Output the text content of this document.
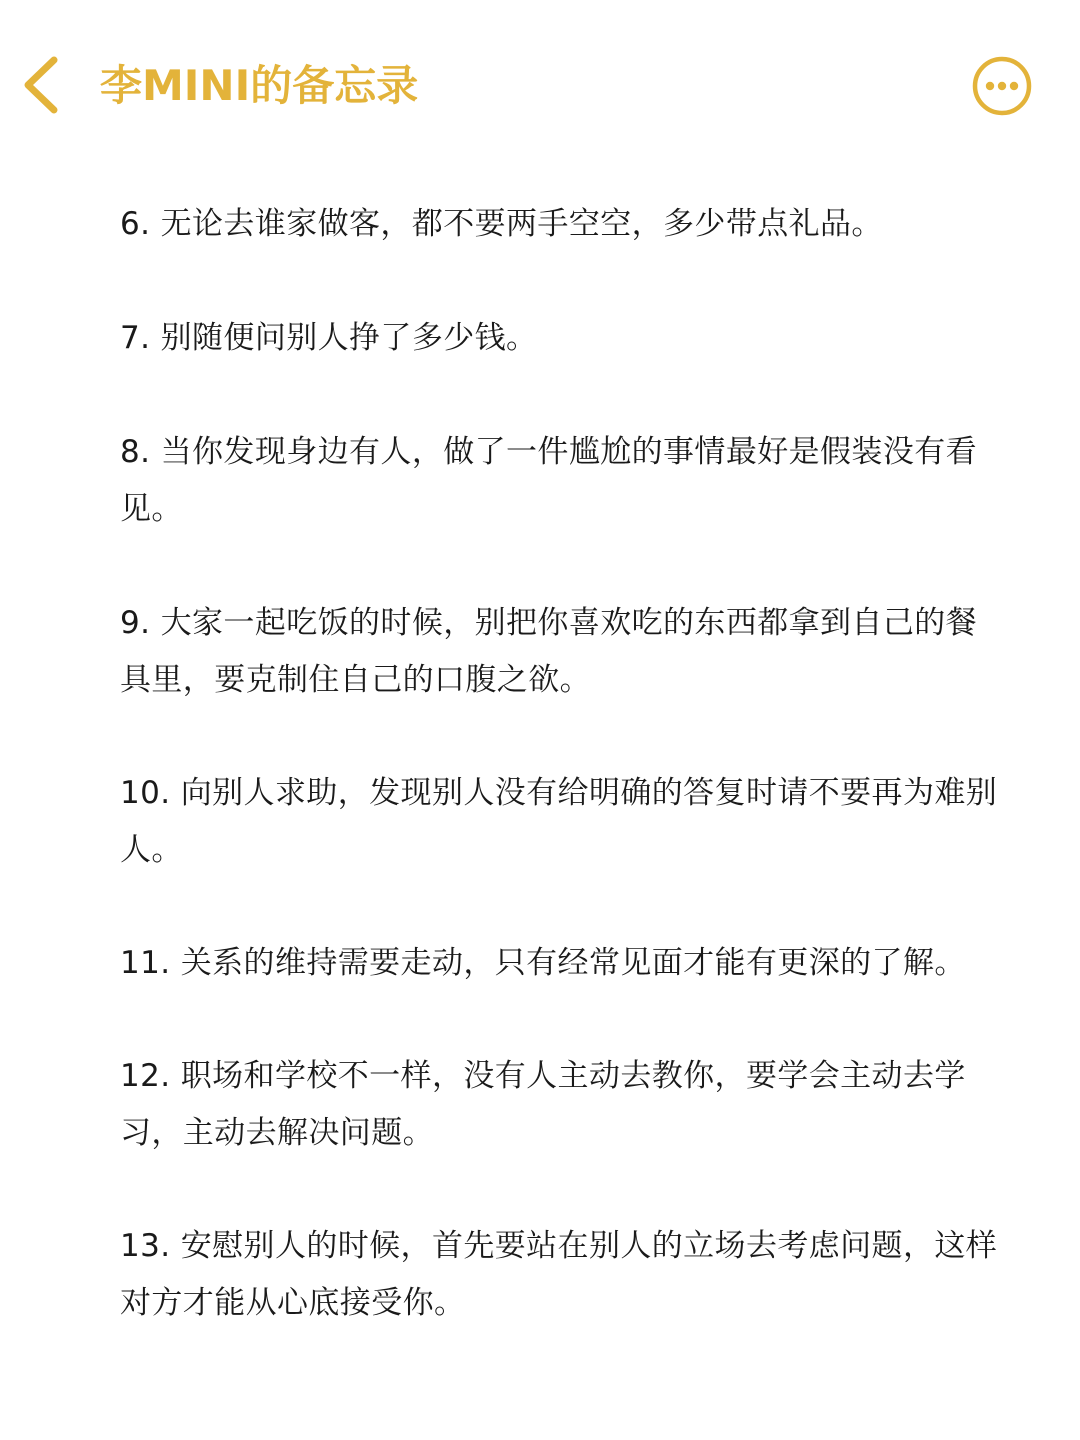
李MINI的备忘录
6. 无论去谁家做客，都不要两手空空，多少带点礼品。
7. 别随便问别人挣了多少钱。
8. 当你发现身边有人，做了一件尴尬的事情最好是假装没有看见。
9. 大家一起吃饭的时候，别把你喜欢吃的东西都拿到自己的餐具里，要克制住自己的口腹之欲。
10. 向别人求助，发现别人没有给明确的答复时请不要再为难别人。
11. 关系的维持需要走动，只有经常见面才能有更深的了解。
12. 职场和学校不一样，没有人主动去教你，要学会主动去学习，主动去解决问题。
13. 安慰别人的时候，首先要站在别人的立场去考虑问题，这样对方才能从心底接受你。
